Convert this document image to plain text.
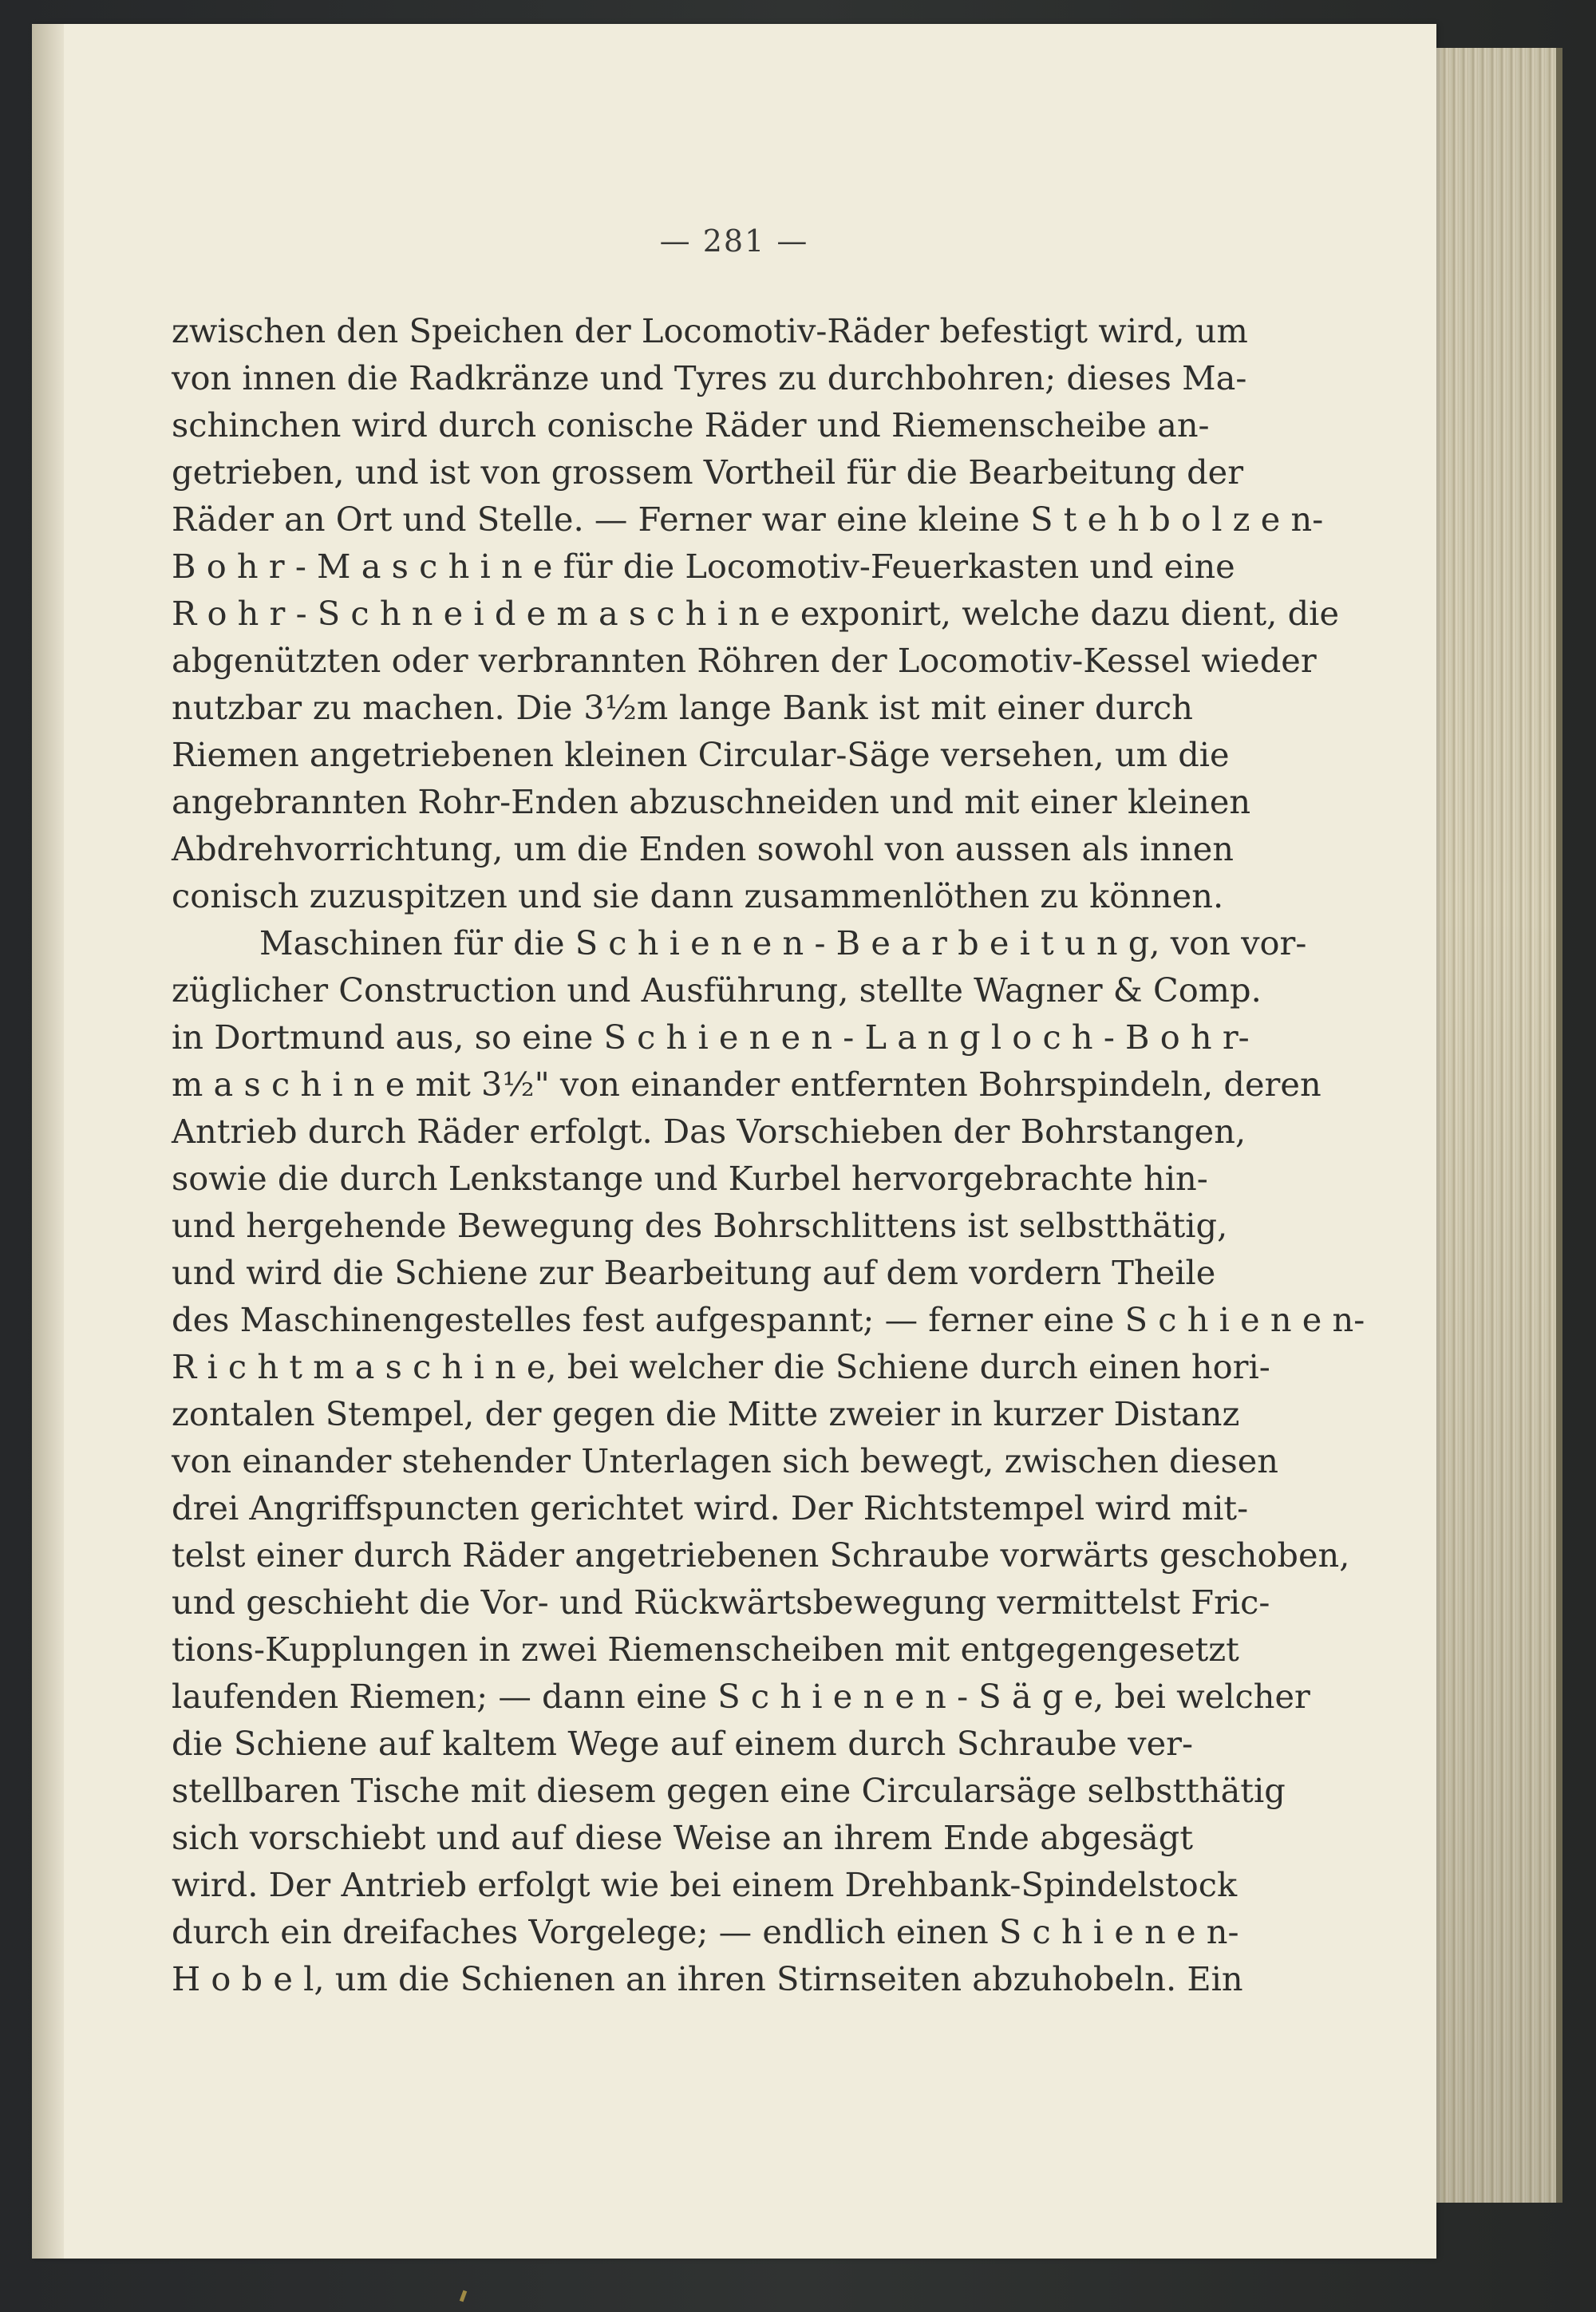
— 281 —
zwischen den Speichen der Locomotiv-Räder befestigt wird, um
von innen die Radkränze und Tyres zu durchbohren; dieses Ma-
schinchen wird durch conische Räder und Riemenscheibe an-
getrieben, und ist von grossem Vortheil für die Bearbeitung der
Räder an Ort und Stelle. — Ferner war eine kleine S t e h b o l z e n-
B o h r - M a s c h i n e für die Locomotiv-Feuerkasten und eine
R o h r - S c h n e i d e m a s c h i n e exponirt, welche dazu dient, die
abgenützten oder verbrannten Röhren der Locomotiv-Kessel wieder
nutzbar zu machen. Die 3½m lange Bank ist mit einer durch
Riemen angetriebenen kleinen Circular-Säge versehen, um die
angebrannten Rohr-Enden abzuschneiden und mit einer kleinen
Abdrehvorrichtung, um die Enden sowohl von aussen als innen
conisch zuzuspitzen und sie dann zusammenlöthen zu können.
Maschinen für die S c h i e n e n - B e a r b e i t u n g, von vor-
züglicher Construction und Ausführung, stellte Wagner & Comp.
in Dortmund aus, so eine S c h i e n e n - L a n g l o c h - B o h r-
m a s c h i n e mit 3½" von einander entfernten Bohrspindeln, deren
Antrieb durch Räder erfolgt. Das Vorschieben der Bohrstangen,
sowie die durch Lenkstange und Kurbel hervorgebrachte hin-
und hergehende Bewegung des Bohrschlittens ist selbstthätig,
und wird die Schiene zur Bearbeitung auf dem vordern Theile
des Maschinengestelles fest aufgespannt; — ferner eine S c h i e n e n-
R i c h t m a s c h i n e, bei welcher die Schiene durch einen hori-
zontalen Stempel, der gegen die Mitte zweier in kurzer Distanz
von einander stehender Unterlagen sich bewegt, zwischen diesen
drei Angriffspuncten gerichtet wird. Der Richtstempel wird mit-
telst einer durch Räder angetriebenen Schraube vorwärts geschoben,
und geschieht die Vor- und Rückwärtsbewegung vermittelst Fric-
tions-Kupplungen in zwei Riemenscheiben mit entgegengesetzt
laufenden Riemen; — dann eine S c h i e n e n - S ä g e, bei welcher
die Schiene auf kaltem Wege auf einem durch Schraube ver-
stellbaren Tische mit diesem gegen eine Circularsäge selbstthätig
sich vorschiebt und auf diese Weise an ihrem Ende abgesägt
wird. Der Antrieb erfolgt wie bei einem Drehbank-Spindelstock
durch ein dreifaches Vorgelege; — endlich einen S c h i e n e n-
H o b e l, um die Schienen an ihren Stirnseiten abzuhobeln. Ein
